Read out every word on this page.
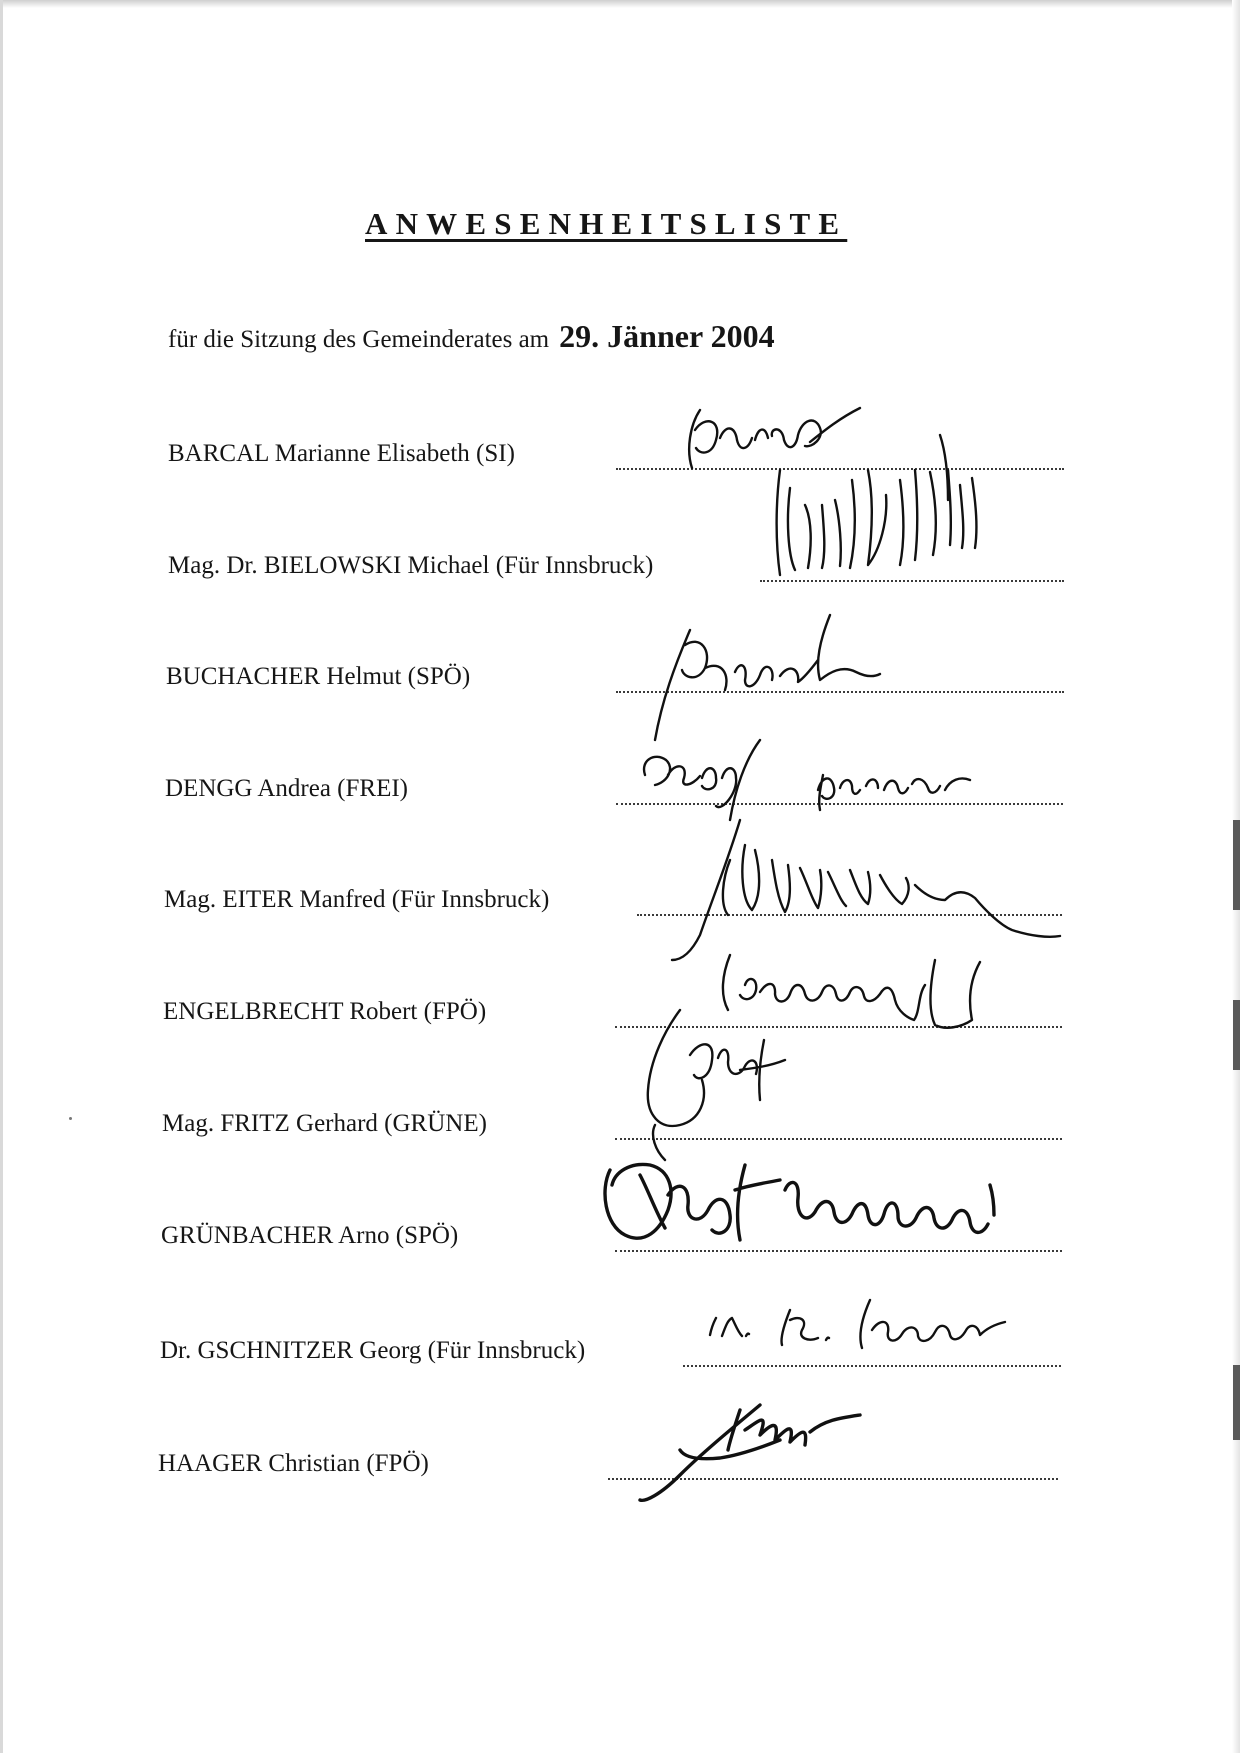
ANWESENHEITSLISTE
für die Sitzung des Gemeinderates am 29. Jänner 2004
BARCAL Marianne Elisabeth (SI)
Mag. Dr. BIELOWSKI Michael (Für Innsbruck)
BUCHACHER Helmut (SPÖ)
DENGG Andrea (FREI)
Mag. EITER Manfred (Für Innsbruck)
ENGELBRECHT Robert (FPÖ)
Mag. FRITZ Gerhard (GRÜNE)
GRÜNBACHER Arno (SPÖ)
Dr. GSCHNITZER Georg (Für Innsbruck)
HAAGER Christian (FPÖ)
